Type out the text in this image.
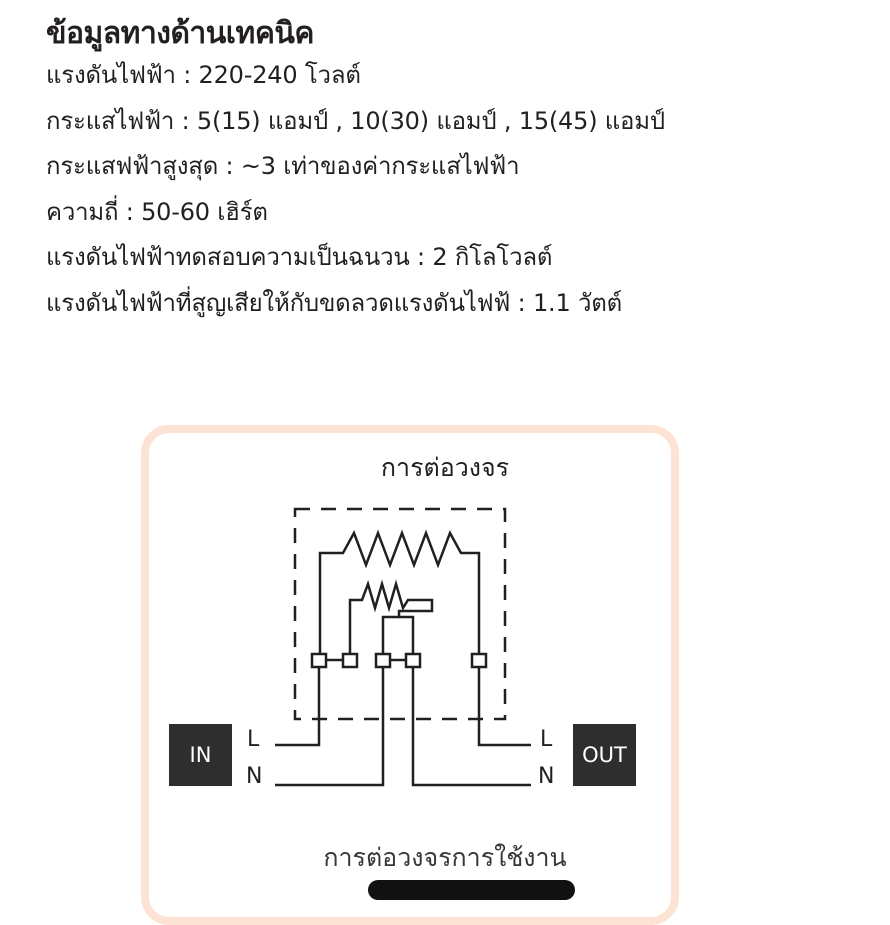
ข้อมูลทางด้านเทคนิค
แรงดันไฟฟ้า : 220-240 โวลต์
กระแสไฟฟ้า : 5(15) แอมป์ , 10(30) แอมป์ , 15(45) แอมป์
กระแสฟฟ้าสูงสุด : ~3 เท่าของค่ากระแสไฟฟ้า
ความถี่ : 50-60 เฮิร์ต
แรงดันไฟฟ้าทดสอบความเป็นฉนวน : 2 กิโลโวลต์
แรงดันไฟฟ้าที่สูญเสียให้กับขดลวดแรงดันไฟฟ้ : 1.1 วัตต์
การต่อวงจร
IN	OUT
L
N
L
N
การต่อวงจรการใช้งาน
